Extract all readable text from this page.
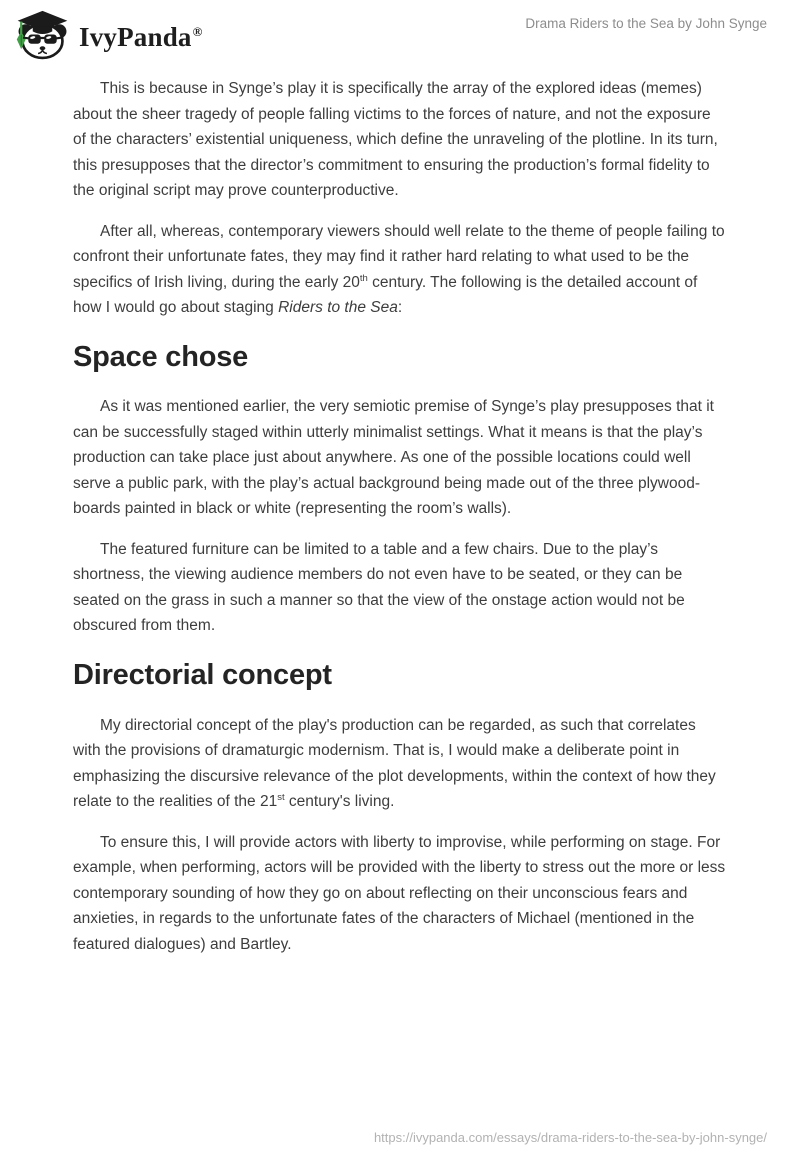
IvyPanda®	Drama Riders to the Sea by John Synge

This is because in Synge’s play it is specifically the array of the explored ideas (memes) about the sheer tragedy of people falling victims to the forces of nature, and not the exposure of the characters’ existential uniqueness, which define the unraveling of the plotline. In its turn, this presupposes that the director’s commitment to ensuring the production’s formal fidelity to the original script may prove counterproductive.

After all, whereas, contemporary viewers should well relate to the theme of people failing to confront their unfortunate fates, they may find it rather hard relating to what used to be the specifics of Irish living, during the early 20th century. The following is the detailed account of how I would go about staging Riders to the Sea:

Space chose

As it was mentioned earlier, the very semiotic premise of Synge’s play presupposes that it can be successfully staged within utterly minimalist settings. What it means is that the play’s production can take place just about anywhere. As one of the possible locations could well serve a public park, with the play’s actual background being made out of the three plywood-boards painted in black or white (representing the room’s walls).

The featured furniture can be limited to a table and a few chairs. Due to the play’s shortness, the viewing audience members do not even have to be seated, or they can be seated on the grass in such a manner so that the view of the onstage action would not be obscured from them.

Directorial concept

My directorial concept of the play's production can be regarded, as such that correlates with the provisions of dramaturgic modernism. That is, I would make a deliberate point in emphasizing the discursive relevance of the plot developments, within the context of how they relate to the realities of the 21st century's living.

To ensure this, I will provide actors with liberty to improvise, while performing on stage. For example, when performing, actors will be provided with the liberty to stress out the more or less contemporary sounding of how they go on about reflecting on their unconscious fears and anxieties, in regards to the unfortunate fates of the characters of Michael (mentioned in the featured dialogues) and Bartley.

https://ivypanda.com/essays/drama-riders-to-the-sea-by-john-synge/
